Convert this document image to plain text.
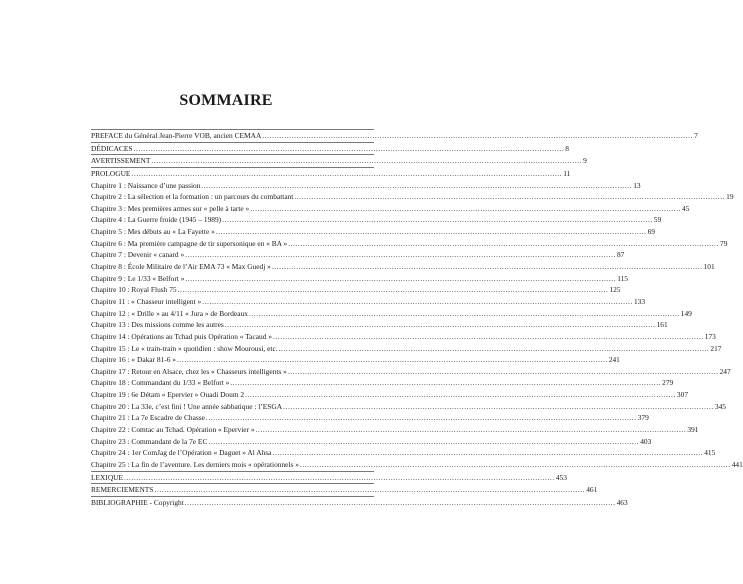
SOMMAIRE
PREFACE du Général Jean-Pierre VOB, ancien CEMAA .....	7
DÉDICACES .....	8
AVERTISSEMENT .....	9
PROLOGUE .....	11
Chapitre 1 : Naissance d’une passion .....	13
Chapitre 2 : La sélection et la formation : un parcours du combattant .....	19
Chapitre 3 : Mes premières armes sur « pelle à tarte » .....	45
Chapitre 4 : La Guerre froide (1945 – 1989) .....	59
Chapitre 5 : Mes débuts au « La Fayette » .....	69
Chapitre 6 : Ma première campagne de tir supersonique en « BA » .....	79
Chapitre 7 : Devenir « canard » .....	87
Chapitre 8 : École Militaire de l’Air EMA 73 « Max Guedj » .....	101
Chapitre 9 : Le 1/33 « Belfort » .....	115
Chapitre 10 : Royal Flush 75 .....	125
Chapitre 11 : « Chasseur intelligent » .....	133
Chapitre 12 : « Drille » au 4/11 « Jura » de Bordeaux .....	149
Chapitre 13 : Des missions comme les autres .....	161
Chapitre 14 : Opérations au Tchad puis Opération « Tacaud » .....	173
Chapitre 15 : Le « train-train » quotidien : show Mourousi, etc. .....	217
Chapitre 16 : « Dakar 81-6 » .....	241
Chapitre 17 : Retour en Alsace, chez les « Chasseurs intelligents » .....	247
Chapitre 18 : Commandant du 1/33 « Belfort » .....	279
Chapitre 19 : 6e Détam « Epervier » Ouadi Doum 2 .....	307
Chapitre 20 : La 33e, c’est fini ! Une année sabbatique : l’ESGA .....	345
Chapitre 21 : La 7e Escadre de Chasse .....	379
Chapitre 22 : Comtac au Tchad. Opération « Epervier » .....	391
Chapitre 23 : Commandant de la 7e EC .....	403
Chapitre 24 : 1er ComJag de l’Opération « Daguet » Al Ahsa .....	415
Chapitre 25 : La fin de l’aventure. Les derniers mois « opérationnels » .....	441
LEXIQUE .....	453
REMERCIEMENTS .....	461
BIBLIOGRAPHIE - Copyright .....	463
